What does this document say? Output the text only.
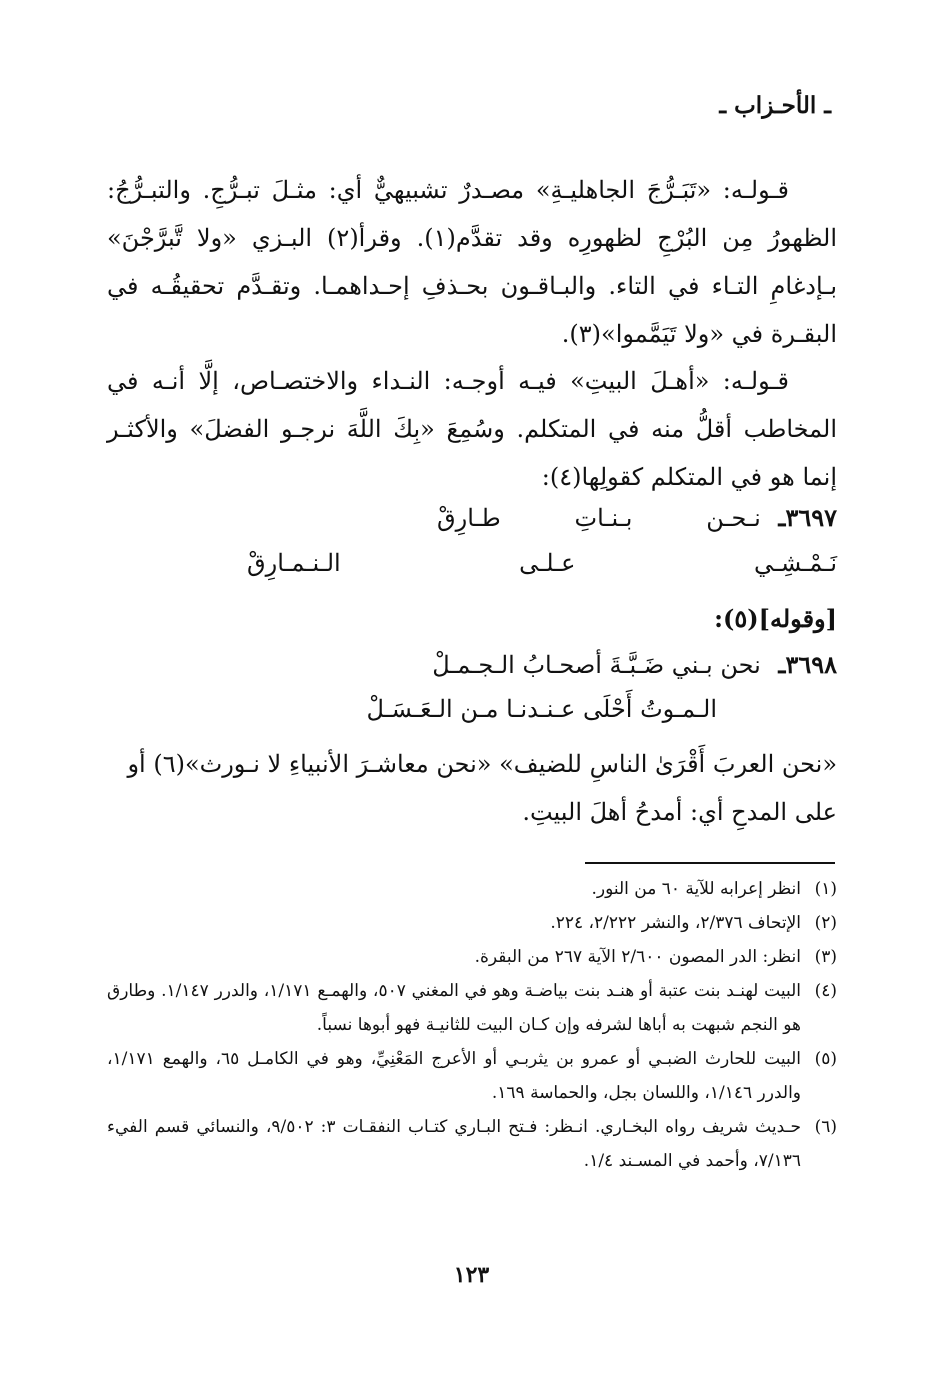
ـ الأحـزاب ـ

قـولـه: «تَبَـرُّجَ الجاهليـةِ» مصـدرٌ تشبيهيٌّ أي: مثـلَ تبـرُّجِ. والتبـرُّجُ: الظهورُ مِن البُرْجِ لظهورِه وقد تقدَّم(١). وقرأ(٢) البـزي «ولا تَّبرَّجْنَ» بـإدغامِ التـاء في التاء. والبـاقـون بحـذفِ إحـداهمـا. وتقـدَّم تحقيقُـه في البقـرة في «ولا تَيَمَّموا»(٣).

قـولـه: «أهـلَ البيتِ» فيـه أوجـه: النـداء والاختصـاص، إلَّا أنـه في المخاطب أقلُّ منه في المتكلم. وسُمِعَ «بِكَ اللَّهَ نرجـو الفضلَ» والأكثـر إنما هو في المتكلم كقولِها(٤):

٣٦٩٧ـ نـحـن
بـنـاتِ
طـارِقْ
نَـمْـشِـي
عـلـى
الـنـمـارِقْ
[وقوله](٥):
٣٦٩٨ـ نحن بـني ضَـبَّـةَ أصحـابُ الـجـمـلْ
الـمـوتُ أَحْلَى عـنـدنـا مـن الـعَـسَـلْ

«نحن العربَ أَقْرَىٰ الناسِ للضيف» «نحن معاشـرَ الأنبياءِ لا نـورث»(٦) أو على المدحِ أي: أمدحُ أهلَ البيتِ.

(١)
انظر إعرابه للآية ٦٠ من النور.
(٢)
الإتحاف ٢/٣٧٦، والنشر ٢/٢٢٢، ٢٢٤.
(٣)
انظر: الدر المصون ٢/٦٠٠ الآية ٢٦٧ من البقرة.
(٤)
البيت لهنـد بنت عتبة أو هنـد بنت بياضـة وهو في المغني ٥٠٧، والهمـع ١/١٧١، والدرر ١/١٤٧. وطارق هو النجم شبهت به أباها لشرفه وإن كـان البيت للثانيـة فهو أبوها نسباً.
(٥)
البيت للحارث الضبـي أو عمرو بن يثربـي أو الأعرج المَعْنِيِّ، وهو في الكامـل ٦٥، والهمع ١/١٧١، والدرر ١/١٤٦، واللسان بجل، والحماسة ١٦٩.
(٦)
حـديث شريف رواه البخـاري. انـظر: فـتح البـاري كتـاب النفقـات ٣: ٩/٥٠٢، والنسائي قسم الفيء ٧/١٣٦، وأحمد في المسـند ١/٤.
١٢٣
